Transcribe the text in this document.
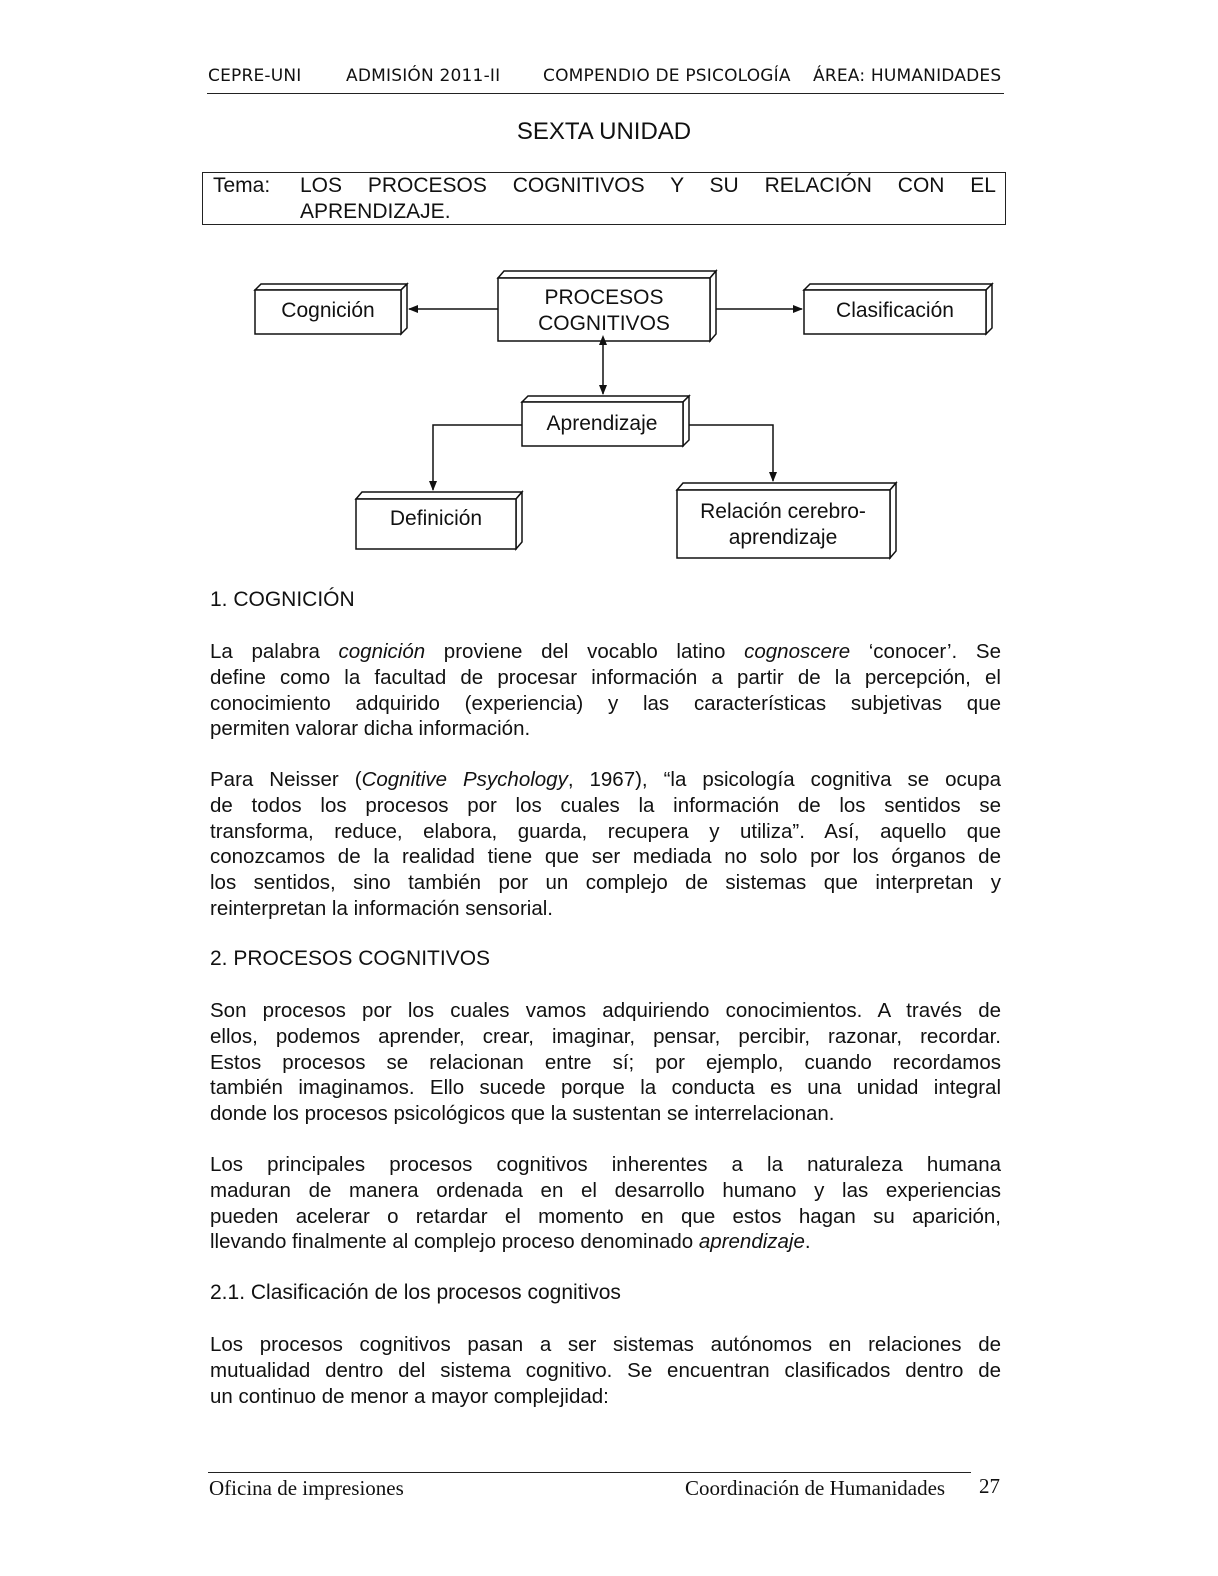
CEPRE-UNI	ADMISIÓN 2011-II	COMPENDIO DE PSICOLOGÍA ÁREA: HUMANIDADES
SEXTA UNIDAD
Tema: LOS PROCESOS COGNITIVOS Y SU RELACIÓN CON EL
APRENDIZAJE.
PROCESOS
COGNITIVOS
Cognición	Clasificación
Aprendizaje
Definición	Relación cerebro-
aprendizaje
1. COGNICIÓN
La palabra cognición proviene del vocablo latino cognoscere ‘conocer’. Se
define como la facultad de procesar información a partir de la percepción, el
conocimiento adquirido (experiencia) y las características subjetivas que
permiten valorar dicha información.
Para Neisser (Cognitive Psychology, 1967), “la psicología cognitiva se ocupa
de todos los procesos por los cuales la información de los sentidos se
transforma, reduce, elabora, guarda, recupera y utiliza”. Así, aquello que
conozcamos de la realidad tiene que ser mediada no solo por los órganos de
los sentidos, sino también por un complejo de sistemas que interpretan y
reinterpretan la información sensorial.
2. PROCESOS COGNITIVOS
Son procesos por los cuales vamos adquiriendo conocimientos. A través de
ellos, podemos aprender, crear, imaginar, pensar, percibir, razonar, recordar.
Estos procesos se relacionan entre sí; por ejemplo, cuando recordamos
también imaginamos. Ello sucede porque la conducta es una unidad integral
donde los procesos psicológicos que la sustentan se interrelacionan.
Los principales procesos cognitivos inherentes a la naturaleza humana
maduran de manera ordenada en el desarrollo humano y las experiencias
pueden acelerar o retardar el momento en que estos hagan su aparición,
llevando finalmente al complejo proceso denominado aprendizaje.
2.1. Clasificación de los procesos cognitivos
Los procesos cognitivos pasan a ser sistemas autónomos en relaciones de
mutualidad dentro del sistema cognitivo. Se encuentran clasificados dentro de
un continuo de menor a mayor complejidad:
Oficina de impresiones	Coordinación de Humanidades 27
